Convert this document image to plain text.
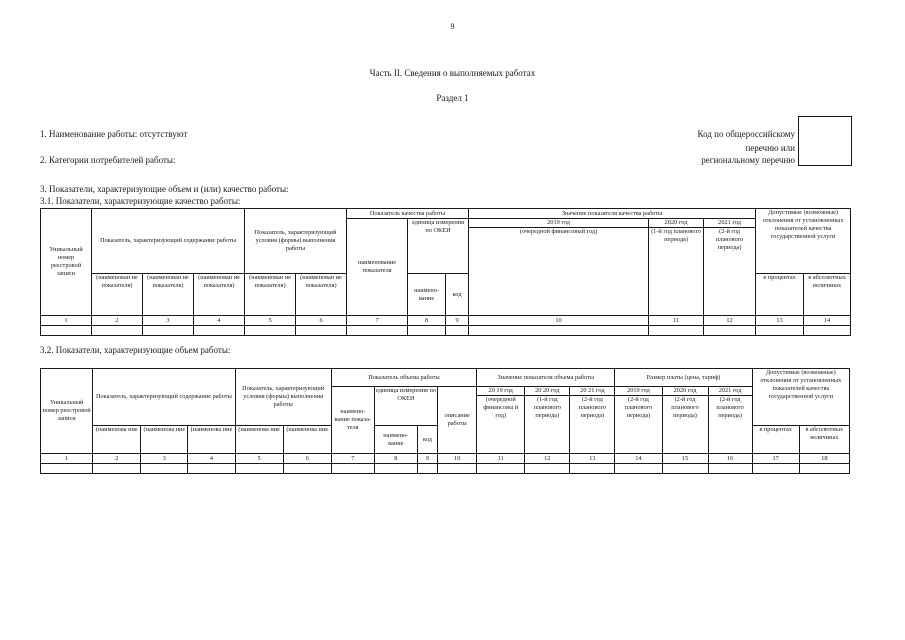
9
Часть II. Сведения о выполняемых работах
Раздел 1
1. Наименование работы: отсутствуют
2. Категории потребителей работы:
3. Показатели, характеризующие объем и (или) качество работы:
3.1. Показатели, характеризующие качество работы:
3.2. Показатели, характеризующие объем работы:
Код по общероссийскому
перечню или
региональному перечню
Уникальный номер реестровой записи	Показатель, характеризующий содержание работы			Показатель, характеризующий условия (формы) выполнения работы		Показатель качества работы			Значение показателя качества работы			Допустимые (возможные) отклонения от установленных показателей качества государственной услуги	
						наименование показателя	единица измерения по ОКЕИ		2019 год	2020 год	2021 год		
									(очередной финансовый год)	(1-й год планового периода)	(2-й год планового периода)		
	(наименован ие показателя)	(наименован ие показателя)	(наименован ие показателя)	(наименован ие показателя)	(наименован ие показателя)		наимено-вание	код				в процентах	в абсолютных величинах
1	2	3	4	5	6	7	8	9	10	11	12	13	14

Уникальный номер реестровой записи	Показатель, характеризующий содержание работы			Показатель, характеризующий условия (формы) выполнения работы		Показатель объема работы				Значение показателя объема работы			Размер платы (цена, тариф)			Допустимые (возможные) отклонения от установленных показателей качества государственной услуги	
						наимено-вание показа-теля	единица измерения по ОКЕИ		описание работы	20 19 год	20 20 год	20 21 год	2019 год	2020 год	2021 год		
										(очередной финансовы й год)	(1-й год планового периода)	(2-й год планового периода)	(2-й год планового периода)	(2-й год планового периода)	(2-й год планового периода)		
	(наименова ние	(наименова ние	(наименова ние	(наименова ние	(наименова ние		наимено-вание	код								в процентах	в абсолютных величинах
1	2	3	4	5	6	7	8	9	10	11	12	13	14	15	16	17	18
